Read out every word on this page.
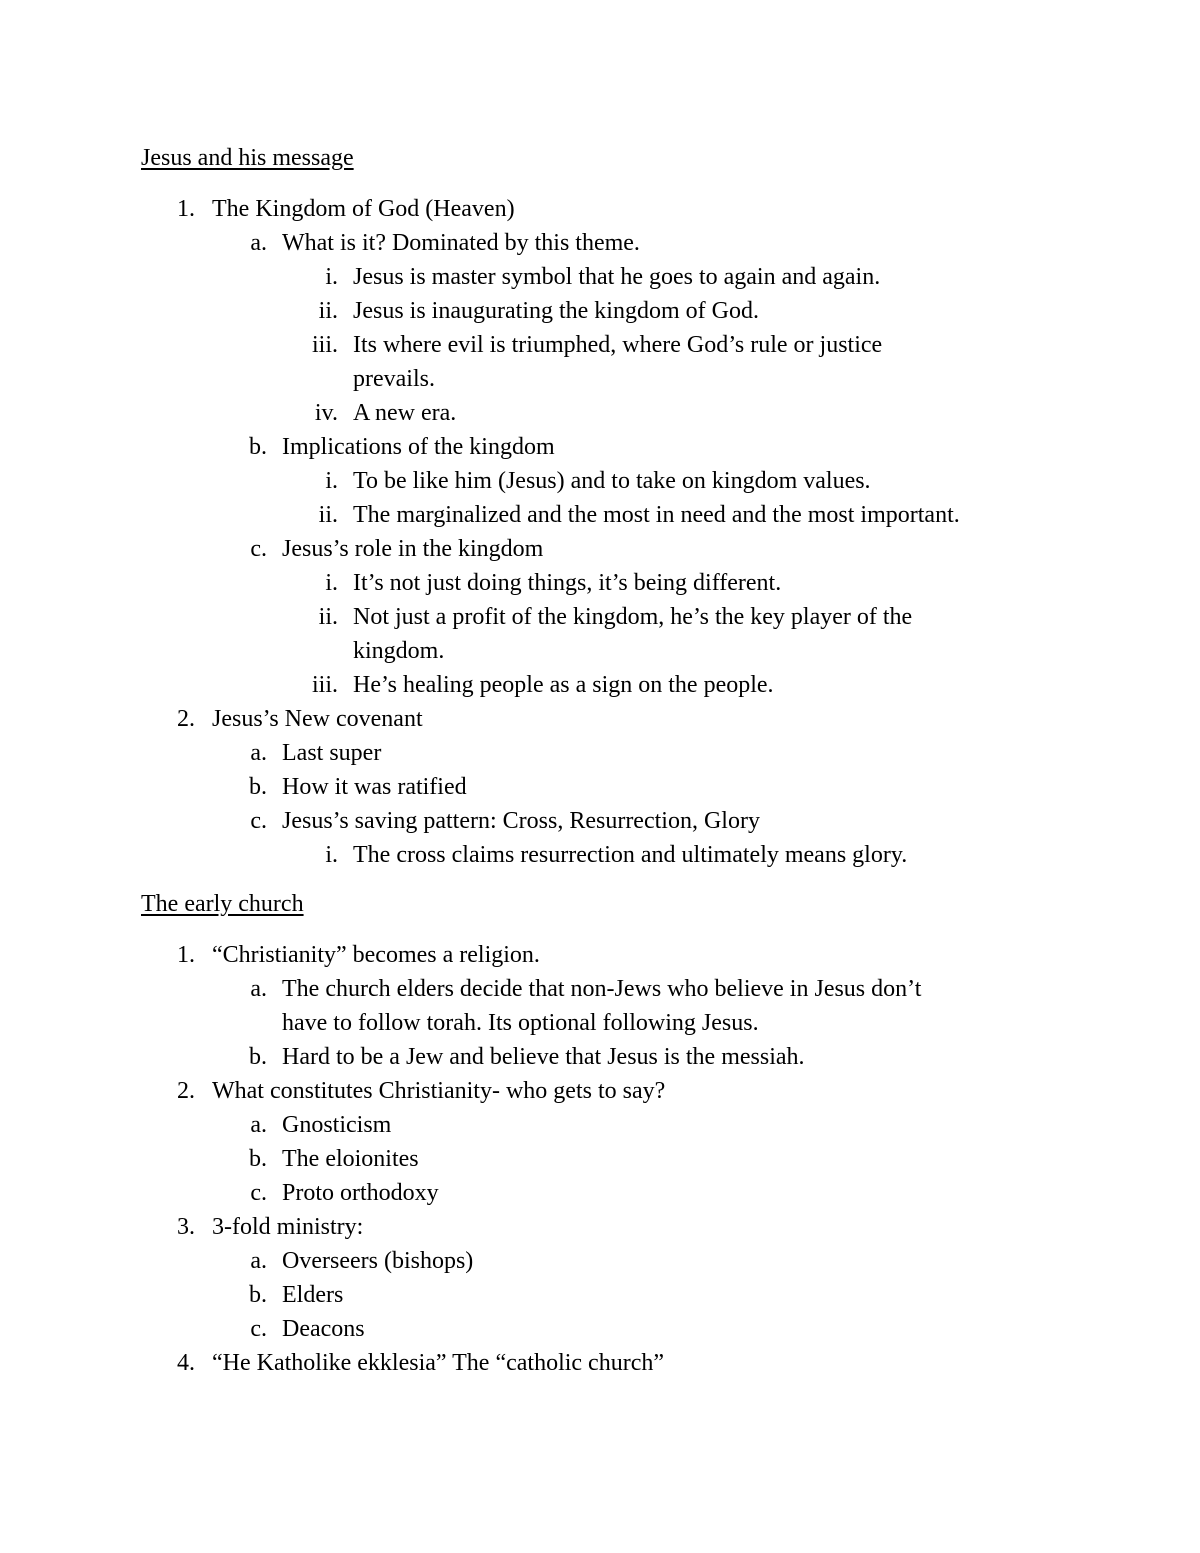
Jesus and his message
1. The Kingdom of God (Heaven)
a. What is it? Dominated by this theme.
i. Jesus is master symbol that he goes to again and again.
ii. Jesus is inaugurating the kingdom of God.
iii. Its where evil is triumphed, where God’s rule or justice
prevails.
iv. A new era.
b. Implications of the kingdom
i. To be like him (Jesus) and to take on kingdom values.
ii. The marginalized and the most in need and the most important.
c. Jesus’s role in the kingdom
i. It’s not just doing things, it’s being different.
ii. Not just a profit of the kingdom, he’s the key player of the
kingdom.
iii. He’s healing people as a sign on the people.
2. Jesus’s New covenant
a. Last super
b. How it was ratified
c. Jesus’s saving pattern: Cross, Resurrection, Glory
i. The cross claims resurrection and ultimately means glory.
The early church
1. “Christianity” becomes a religion.
a. The church elders decide that non-Jews who believe in Jesus don’t
have to follow torah. Its optional following Jesus.
b. Hard to be a Jew and believe that Jesus is the messiah.
2. What constitutes Christianity- who gets to say?
a. Gnosticism
b. The eloionites
c. Proto orthodoxy
3. 3-fold ministry:
a. Overseers (bishops)
b. Elders
c. Deacons
4. “He Katholike ekklesia” The “catholic church”
